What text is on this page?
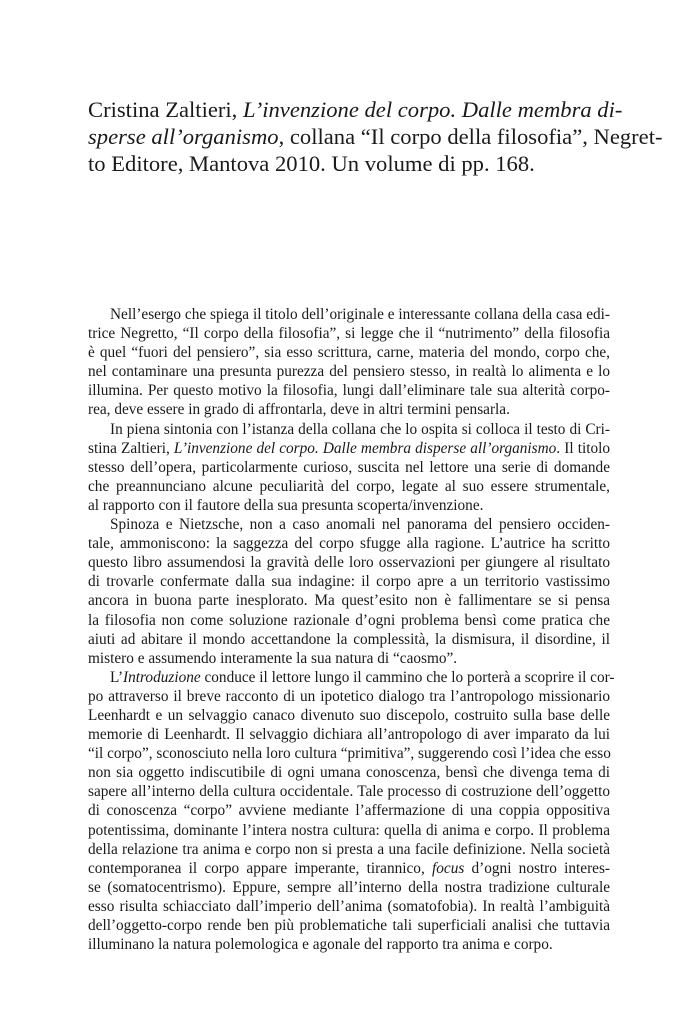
Cristina Zaltieri, L’invenzione del corpo. Dalle membra di-
sperse all’organismo, collana “Il corpo della filosofia”, Negret-
to Editore, Mantova 2010. Un volume di pp. 168.
Nell’esergo che spiega il titolo dell’originale e interessante collana della casa edi-
trice Negretto, “Il corpo della filosofia”, si legge che il “nutrimento” della filosofia
è quel “fuori del pensiero”, sia esso scrittura, carne, materia del mondo, corpo che,
nel contaminare una presunta purezza del pensiero stesso, in realtà lo alimenta e lo
illumina. Per questo motivo la filosofia, lungi dall’eliminare tale sua alterità corpo-
rea, deve essere in grado di affrontarla, deve in altri termini pensarla.
In piena sintonia con l’istanza della collana che lo ospita si colloca il testo di Cri-
stina Zaltieri, L’invenzione del corpo. Dalle membra disperse all’organismo. Il titolo
stesso dell’opera, particolarmente curioso, suscita nel lettore una serie di domande
che preannunciano alcune peculiarità del corpo, legate al suo essere strumentale,
al rapporto con il fautore della sua presunta scoperta/invenzione.
Spinoza e Nietzsche, non a caso anomali nel panorama del pensiero occiden-
tale, ammoniscono: la saggezza del corpo sfugge alla ragione. L’autrice ha scritto
questo libro assumendosi la gravità delle loro osservazioni per giungere al risultato
di trovarle confermate dalla sua indagine: il corpo apre a un territorio vastissimo
ancora in buona parte inesplorato. Ma quest’esito non è fallimentare se si pensa
la filosofia non come soluzione razionale d’ogni problema bensì come pratica che
aiuti ad abitare il mondo accettandone la complessità, la dismisura, il disordine, il
mistero e assumendo interamente la sua natura di “caosmo”.
L’Introduzione conduce il lettore lungo il cammino che lo porterà a scoprire il cor-
po attraverso il breve racconto di un ipotetico dialogo tra l’antropologo missionario
Leenhardt e un selvaggio canaco divenuto suo discepolo, costruito sulla base delle
memorie di Leenhardt. Il selvaggio dichiara all’antropologo di aver imparato da lui
“il corpo”, sconosciuto nella loro cultura “primitiva”, suggerendo così l’idea che esso
non sia oggetto indiscutibile di ogni umana conoscenza, bensì che divenga tema di
sapere all’interno della cultura occidentale. Tale processo di costruzione dell’oggetto
di conoscenza “corpo” avviene mediante l’affermazione di una coppia oppositiva
potentissima, dominante l’intera nostra cultura: quella di anima e corpo. Il problema
della relazione tra anima e corpo non si presta a una facile definizione. Nella società
contemporanea il corpo appare imperante, tirannico, focus d’ogni nostro interes-
se (somatocentrismo). Eppure, sempre all’interno della nostra tradizione culturale
esso risulta schiacciato dall’imperio dell’anima (somatofobia). In realtà l’ambiguità
dell’oggetto-corpo rende ben più problematiche tali superficiali analisi che tuttavia
illuminano la natura polemologica e agonale del rapporto tra anima e corpo.
